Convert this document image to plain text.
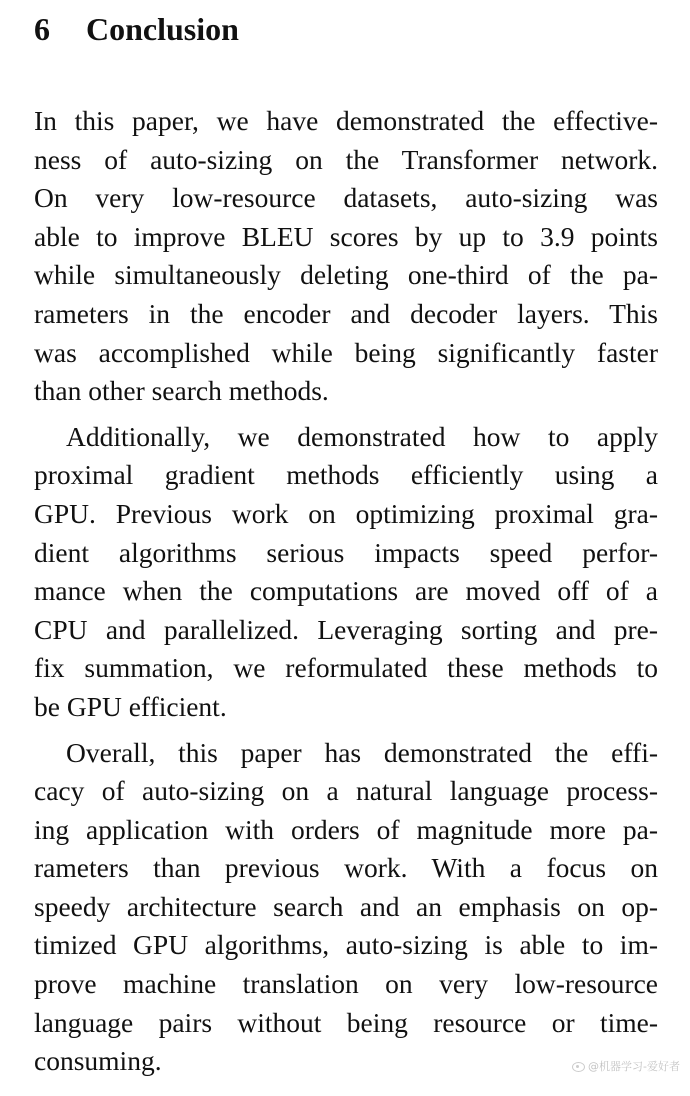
6 Conclusion

In this paper, we have demonstrated the effective-
ness of auto-sizing on the Transformer network.
On very low-resource datasets, auto-sizing was
able to improve BLEU scores by up to 3.9 points
while simultaneously deleting one-third of the pa-
rameters in the encoder and decoder layers. This
was accomplished while being significantly faster
than other search methods.

Additionally, we demonstrated how to apply
proximal gradient methods efficiently using a
GPU. Previous work on optimizing proximal gra-
dient algorithms serious impacts speed perfor-
mance when the computations are moved off of a
CPU and parallelized. Leveraging sorting and pre-
fix summation, we reformulated these methods to
be GPU efficient.

Overall, this paper has demonstrated the effi-
cacy of auto-sizing on a natural language process-
ing application with orders of magnitude more pa-
rameters than previous work. With a focus on
speedy architecture search and an emphasis on op-
timized GPU algorithms, auto-sizing is able to im-
prove machine translation on very low-resource
language pairs without being resource or time-
consuming.	@机器学习-爱好者
